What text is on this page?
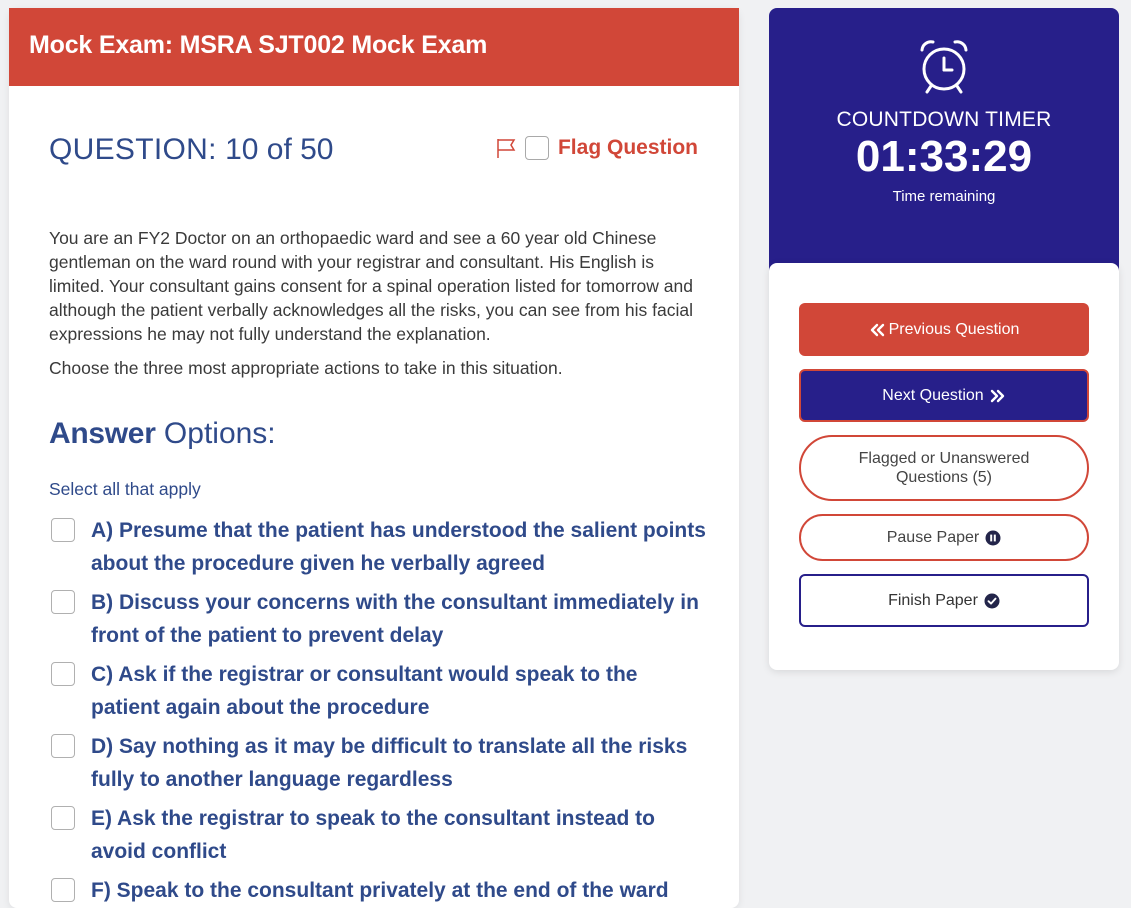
Mock Exam: MSRA SJT002 Mock Exam
QUESTION: 10 of 50	Flag Question

You are an FY2 Doctor on an orthopaedic ward and see a 60 year old Chinese gentleman on the ward round with your registrar and consultant. His English is limited. Your consultant gains consent for a spinal operation listed for tomorrow and although the patient verbally acknowledges all the risks, you can see from his facial expressions he may not fully understand the explanation.

Choose the three most appropriate actions to take in this situation.

Answer Options:
Select all that apply
A) Presume that the patient has understood the salient points about the procedure given he verbally agreed
B) Discuss your concerns with the consultant immediately in front of the patient to prevent delay
C) Ask if the registrar or consultant would speak to the patient again about the procedure
D) Say nothing as it may be difficult to translate all the risks fully to another language regardless
E) Ask the registrar to speak to the consultant instead to avoid conflict
F) Speak to the consultant privately at the end of the ward
COUNTDOWN TIMER
01:33:29
Time remaining
Previous Question
Next Question
Flagged or Unanswered Questions (5)
Pause Paper
Finish Paper
